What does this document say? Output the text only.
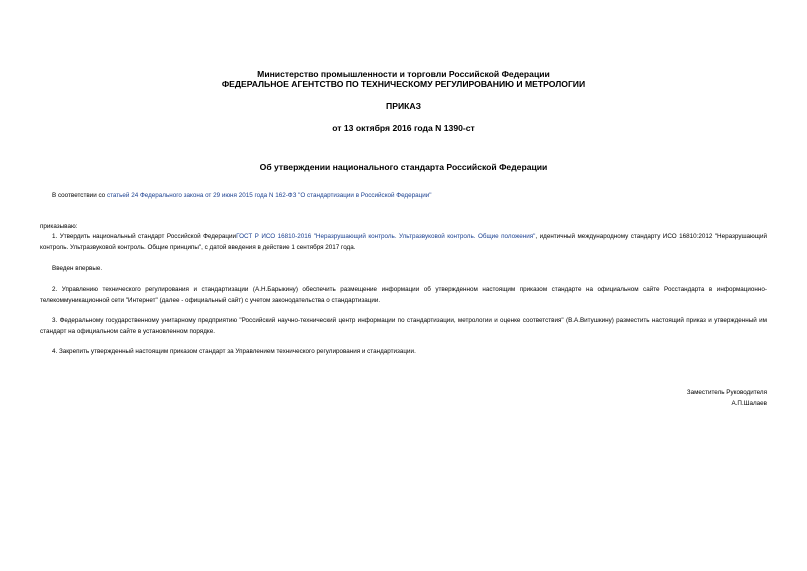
Министерство промышленности и торговли Российской Федерации
ФЕДЕРАЛЬНОЕ АГЕНТСТВО ПО ТЕХНИЧЕСКОМУ РЕГУЛИРОВАНИЮ И МЕТРОЛОГИИ
ПРИКАЗ
от 13 октября 2016 года N 1390-ст
Об утверждении национального стандарта Российской Федерации
В соответствии со статьей 24 Федерального закона от 29 июня 2015 года N 162-ФЗ "О стандартизации в Российской Федерации"
приказываю:
1. Утвердить национальный стандарт Российской ФедерацииГОСТ Р ИСО 16810-2016 "Неразрушающий контроль. Ультразвуковой контроль. Общие положения", идентичный международному стандарту ИСО 16810:2012 "Неразрушающий контроль. Ультразвуковой контроль. Общие принципы", с датой введения в действие 1 сентября 2017 года.
Введен впервые.
2. Управлению технического регулирования и стандартизации (А.Н.Барыкину) обеспечить размещение информации об утвержденном настоящим приказом стандарте на официальном сайте Росстандарта в информационно-телекоммуникационной сети "Интернет" (далее - официальный сайт) с учетом законодательства о стандартизации.
3. Федеральному государственному унитарному предприятию "Российский научно-технический центр информации по стандартизации, метрологии и оценке соответствия" (В.А.Витушкину) разместить настоящий приказ и утвержденный им стандарт на официальном сайте в установленном порядке.
4. Закрепить утвержденный настоящим приказом стандарт за Управлением технического регулирования и стандартизации.
Заместитель Руководителя
А.П.Шалаев
